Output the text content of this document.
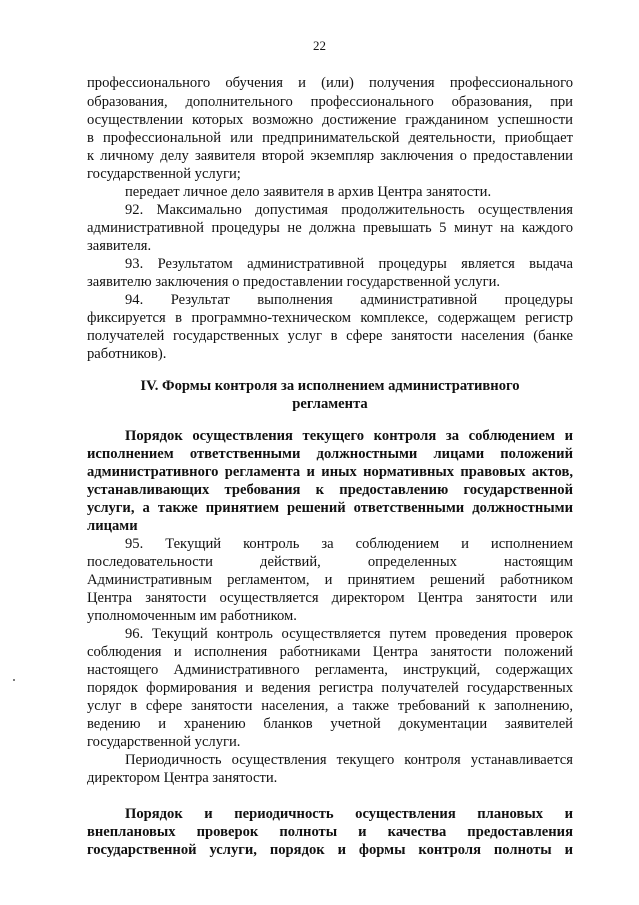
22
профессионального обучения и (или) получения профессионального
образования, дополнительного профессионального образования, при
осуществлении которых возможно достижение гражданином успешности
в профессиональной или предпринимательской деятельности, приобщает
к личному делу заявителя второй экземпляр заключения о предоставлении
государственной услуги;
передает личное дело заявителя в архив Центра занятости.
92. Максимально допустимая продолжительность осуществления
административной процедуры не должна превышать 5 минут на каждого
заявителя.
93. Результатом административной процедуры является выдача
заявителю заключения о предоставлении государственной услуги.
94. Результат выполнения административной процедуры
фиксируется в программно-техническом комплексе, содержащем регистр
получателей государственных услуг в сфере занятости населения (банке
работников).
IV. Формы контроля за исполнением административного
регламента
Порядок осуществления текущего контроля за соблюдением и
исполнением ответственными должностными лицами положений
административного регламента и иных нормативных правовых актов,
устанавливающих требования к предоставлению государственной
услуги, а также принятием решений ответственными должностными
лицами
95. Текущий контроль за соблюдением и исполнением
последовательности действий, определенных настоящим
Административным регламентом, и принятием решений работником
Центра занятости осуществляется директором Центра занятости или
уполномоченным им работником.
96. Текущий контроль осуществляется путем проведения проверок
соблюдения и исполнения работниками Центра занятости положений
настоящего Административного регламента, инструкций, содержащих
порядок формирования и ведения регистра получателей государственных
услуг в сфере занятости населения, а также требований к заполнению,
ведению и хранению бланков учетной документации заявителей
государственной услуги.
Периодичность осуществления текущего контроля устанавливается
директором Центра занятости.
Порядок и периодичность осуществления плановых и
внеплановых проверок полноты и качества предоставления
государственной услуги, порядок и формы контроля полноты и
